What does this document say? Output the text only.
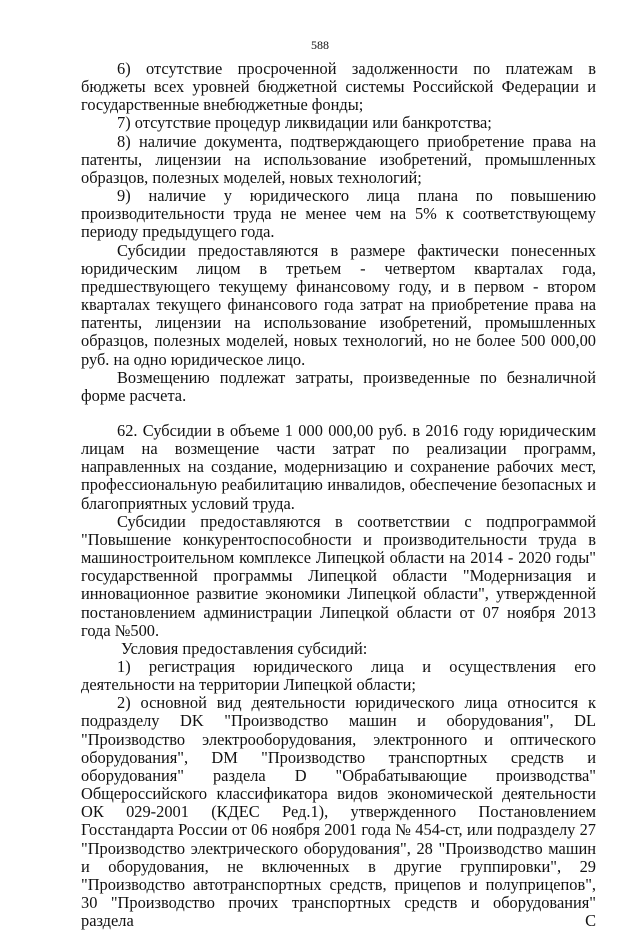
588

6) отсутствие просроченной задолженности по платежам в бюджеты всех уровней бюджетной системы Российской Федерации и государственные внебюджетные фонды;

7) отсутствие процедур ликвидации или банкротства;

8) наличие документа, подтверждающего приобретение права на патенты, лицензии на использование изобретений, промышленных образцов, полезных моделей, новых технологий;

9) наличие у юридического лица плана по повышению производительности труда не менее чем на 5% к соответствующему периоду предыдущего года.

Субсидии предоставляются в размере фактически понесенных юридическим лицом в третьем - четвертом кварталах года, предшествующего текущему финансовому году, и в первом - втором кварталах текущего финансового года затрат на приобретение права на патенты, лицензии на использование изобретений, промышленных образцов, полезных моделей, новых технологий, но не более 500 000,00 руб. на одно юридическое лицо.

Возмещению подлежат затраты, произведенные по безналичной форме расчета.

62. Субсидии в объеме 1 000 000,00 руб. в 2016 году юридическим лицам на возмещение части затрат по реализации программ, направленных на создание, модернизацию и сохранение рабочих мест, профессиональную реабилитацию инвалидов, обеспечение безопасных и благоприятных условий труда.

Субсидии предоставляются в соответствии с подпрограммой "Повышение конкурентоспособности и производительности труда в машиностроительном комплексе Липецкой области на 2014 - 2020 годы" государственной программы Липецкой области "Модернизация и инновационное развитие экономики Липецкой области", утвержденной постановлением администрации Липецкой области от 07 ноября 2013 года №500.

Условия предоставления субсидий:

1) регистрация юридического лица и осуществления его деятельности на территории Липецкой области;

2) основной вид деятельности юридического лица относится к подразделу DK "Производство машин и оборудования", DL "Производство электрооборудования, электронного и оптического оборудования", DM "Производство транспортных средств и оборудования" раздела D "Обрабатывающие производства" Общероссийского классификатора видов экономической деятельности ОК 029-2001 (КДЕС Ред.1), утвержденного Постановлением Госстандарта России от 06 ноября 2001 года № 454-ст, или подразделу 27 "Производство электрического оборудования", 28 "Производство машин и оборудования, не включенных в другие группировки", 29 "Производство автотранспортных средств, прицепов и полуприцепов", 30 "Производство прочих транспортных средств и оборудования" раздела C
